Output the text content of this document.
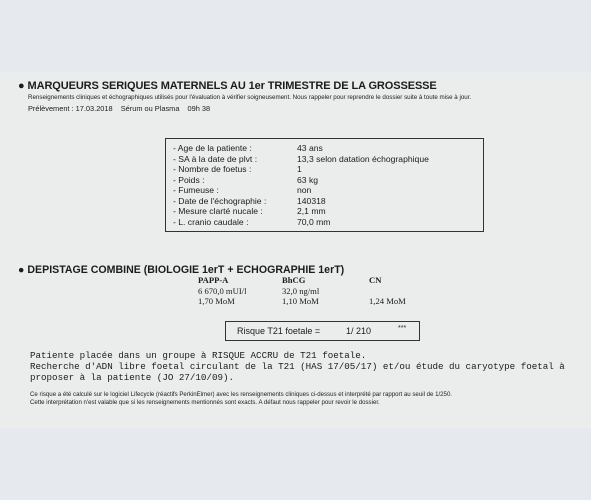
● MARQUEURS SERIQUES MATERNELS AU 1er TRIMESTRE DE LA GROSSESSE
Renseignements cliniques et échographiques utilisés pour l'évaluation à vérifier soigneusement. Nous rappeler pour reprendre le dossier suite à toute mise à jour.
Prélèvement : 17.03.2018 Sérum ou Plasma 09h 38
- Age de la patiente :	43 ans
- SA à la date de plvt :	13,3 selon datation échographique
- Nombre de foetus :	1
- Poids :	63 kg
- Fumeuse :	non
- Date de l'échographie :	140318
- Mesure clarté nucale :	2,1 mm
- L. cranio caudale :	70,0 mm
● DEPISTAGE COMBINE (BIOLOGIE 1erT + ECHOGRAPHIE 1erT)
PAPP-A	BhCG	CN
6 670,0 mUI/l	32,0 ng/ml
1,70 MoM	1,10 MoM	1,24 MoM
Risque T21 foetale =	1/ 210	***
Patiente placée dans un groupe à RISQUE ACCRU de T21 foetale.
Recherche d'ADN libre foetal circulant de la T21 (HAS 17/05/17) et/ou étude du caryotype foetal à
proposer à la patiente (JO 27/10/09).
Ce risque a été calculé sur le logiciel Lifecycle (réactifs PerkinElmer) avec les renseignements cliniques ci-dessus et interprété par rapport au seuil de 1/250.
Cette interprétation n'est valable que si les renseignements mentionnés sont exacts. A défaut nous rappeler pour revoir le dossier.
